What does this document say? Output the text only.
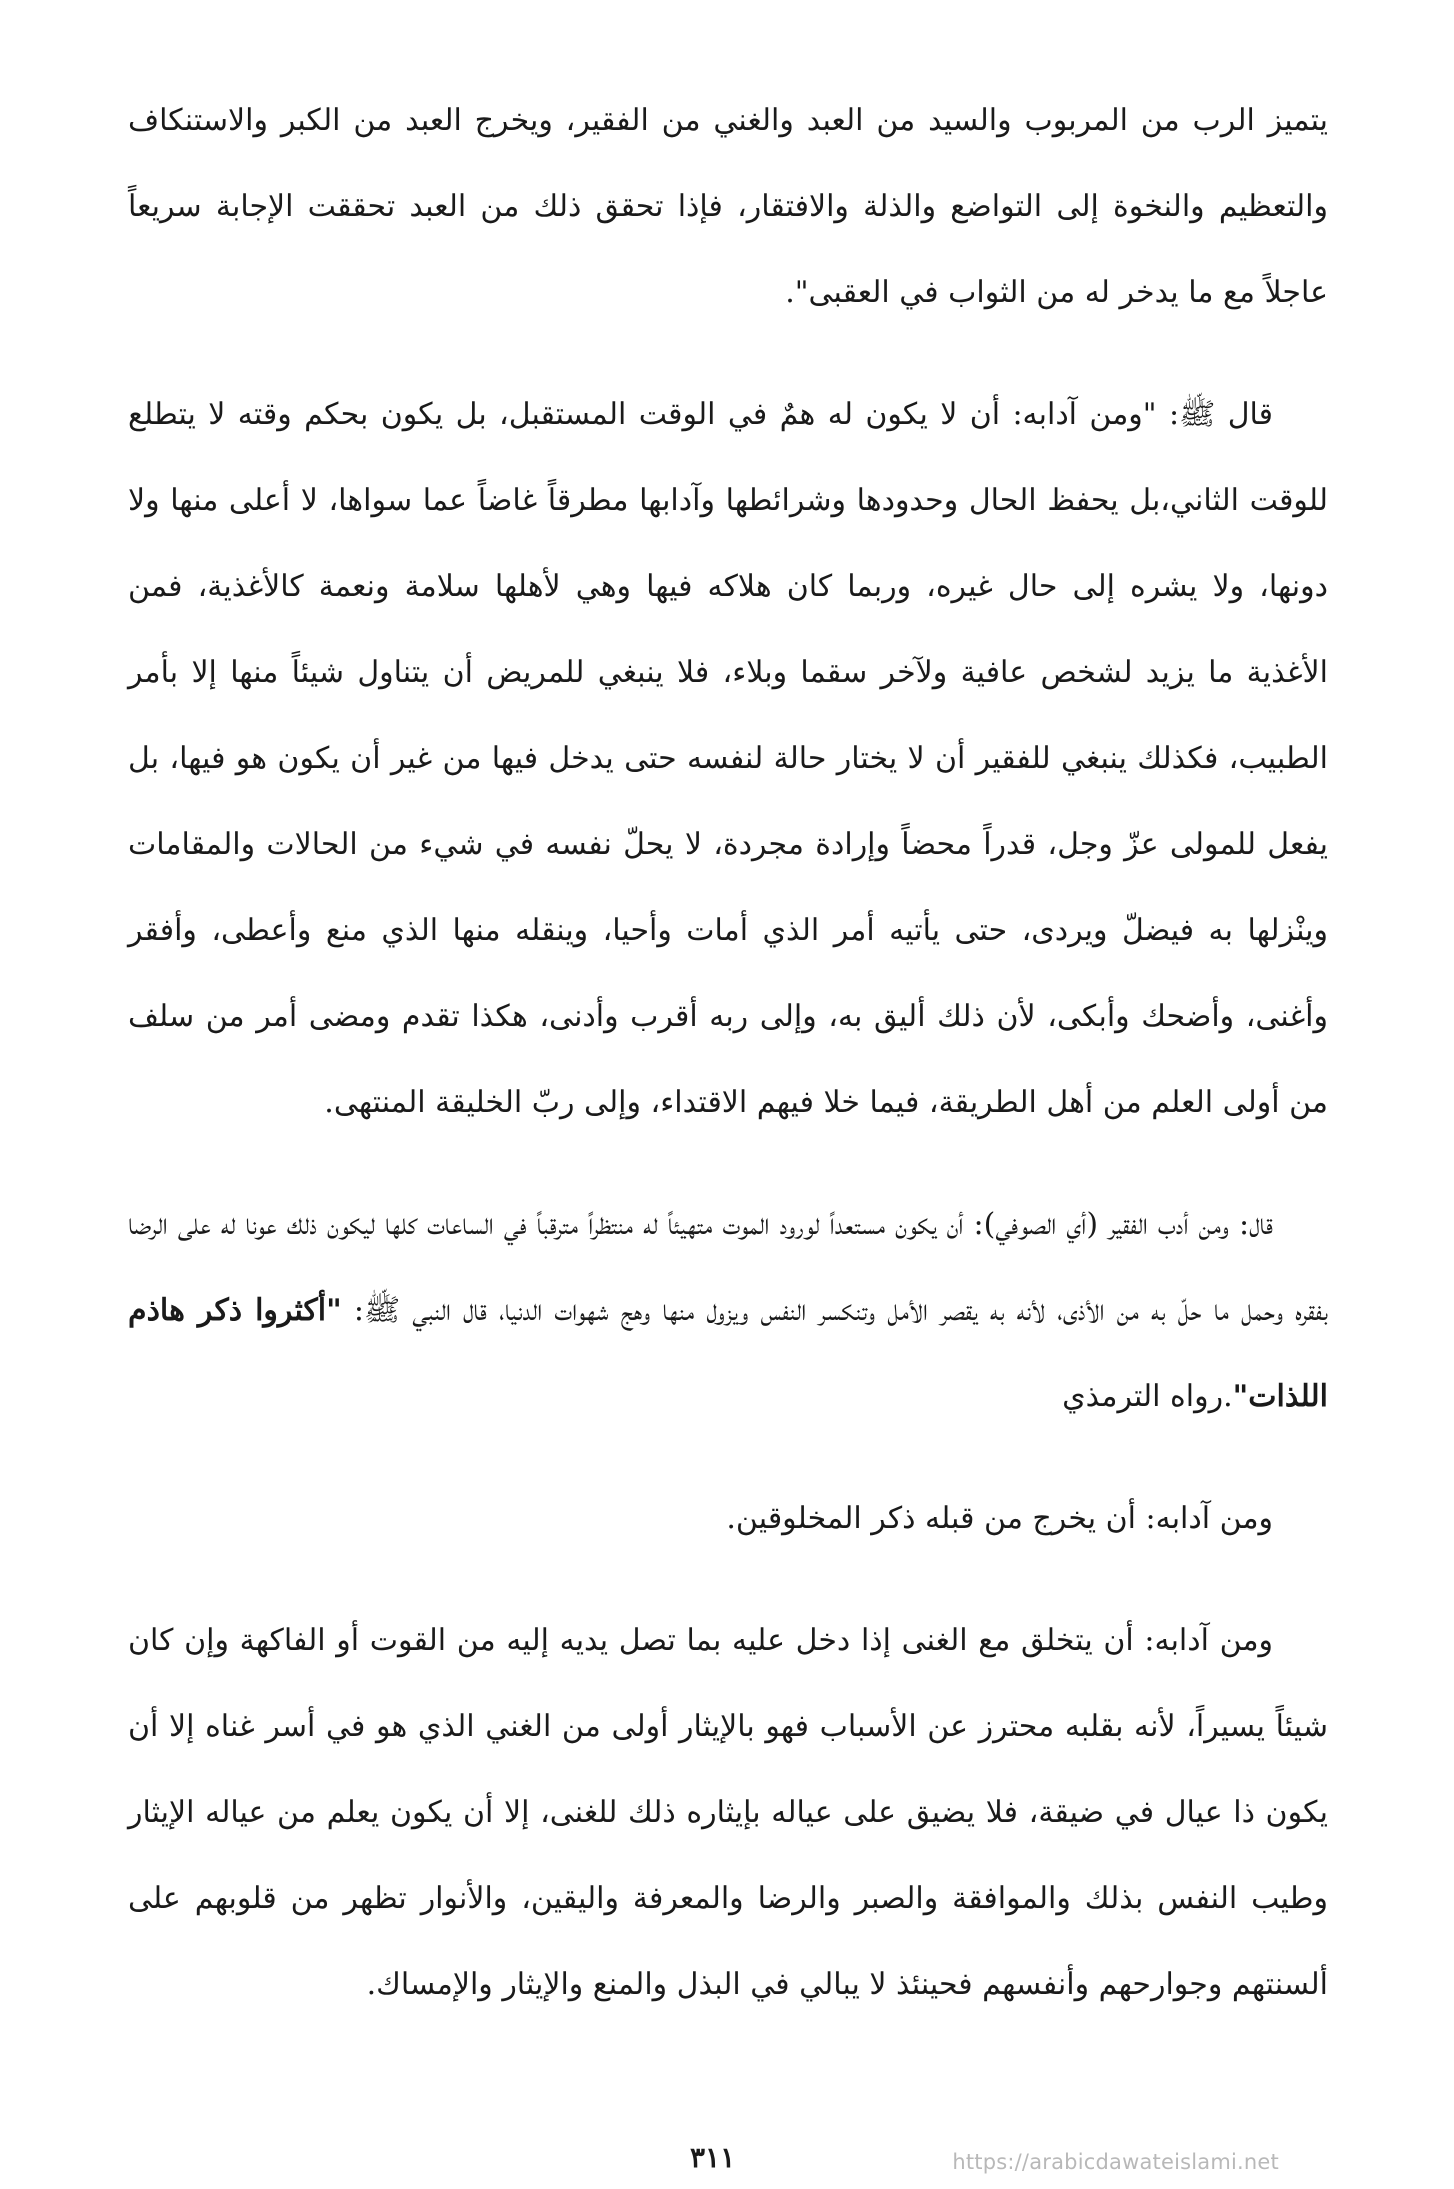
يتميز الرب من المربوب والسيد من العبد والغني من الفقير، ويخرج العبد من الكبر والاستنكاف والتعظيم والنخوة إلى التواضع والذلة والافتقار، فإذا تحقق ذلك من العبد تحققت الإجابة سريعاً عاجلاً مع ما يدخر له من الثواب في العقبى".

قال ﷺ: "ومن آدابه: أن لا يكون له همٌ في الوقت المستقبل، بل يكون بحكم وقته لا يتطلع للوقت الثاني،بل يحفظ الحال وحدودها وشرائطها وآدابها مطرقاً غاضاً عما سواها، لا أعلى منها ولا دونها، ولا يشره إلى حال غيره، وربما كان هلاكه فيها وهي لأهلها سلامة ونعمة كالأغذية، فمن الأغذية ما يزيد لشخص عافية ولآخر سقما وبلاء، فلا ينبغي للمريض أن يتناول شيئاً منها إلا بأمر الطبيب، فكذلك ينبغي للفقير أن لا يختار حالة لنفسه حتى يدخل فيها من غير أن يكون هو فيها، بل يفعل للمولى عزّ وجل، قدراً محضاً وإرادة مجردة، لا يحلّ نفسه في شيء من الحالات والمقامات وينْزلها به فيضلّ ويردى، حتى يأتيه أمر الذي أمات وأحيا، وينقله منها الذي منع وأعطى، وأفقر وأغنى، وأضحك وأبكى، لأن ذلك أليق به، وإلى ربه أقرب وأدنى، هكذا تقدم ومضى أمر من سلف من أولى العلم من أهل الطريقة، فيما خلا فيهم الاقتداء، وإلى ربّ الخليقة المنتهى.

قال: ومن أدب الفقير (أي الصوفي): أن يكون مستعداً لورود الموت متهيئاً له منتظراً مترقباً في الساعات كلها ليكون ذلك عونا له على الرضا بفقره وحمل ما حلّ به من الأذى، لأنه به يقصر الأمل وتنكسر النفس ويزول منها وهج شهوات الدنيا، قال النبي ﷺ: "أكثروا ذكر هاذم اللذات".رواه الترمذي

ومن آدابه: أن يخرج من قبله ذكر المخلوقين.

ومن آدابه: أن يتخلق مع الغنى إذا دخل عليه بما تصل يديه إليه من القوت أو الفاكهة وإن كان شيئاً يسيراً، لأنه بقلبه محترز عن الأسباب فهو بالإيثار أولى من الغني الذي هو في أسر غناه إلا أن يكون ذا عيال في ضيقة، فلا يضيق على عياله بإيثاره ذلك للغنى، إلا أن يكون يعلم من عياله الإيثار وطيب النفس بذلك والموافقة والصبر والرضا والمعرفة واليقين، والأنوار تظهر من قلوبهم على ألسنتهم وجوارحهم وأنفسهم فحينئذ لا يبالي في البذل والمنع والإيثار والإمساك.

٣١١	https://arabicdawateislami.net
